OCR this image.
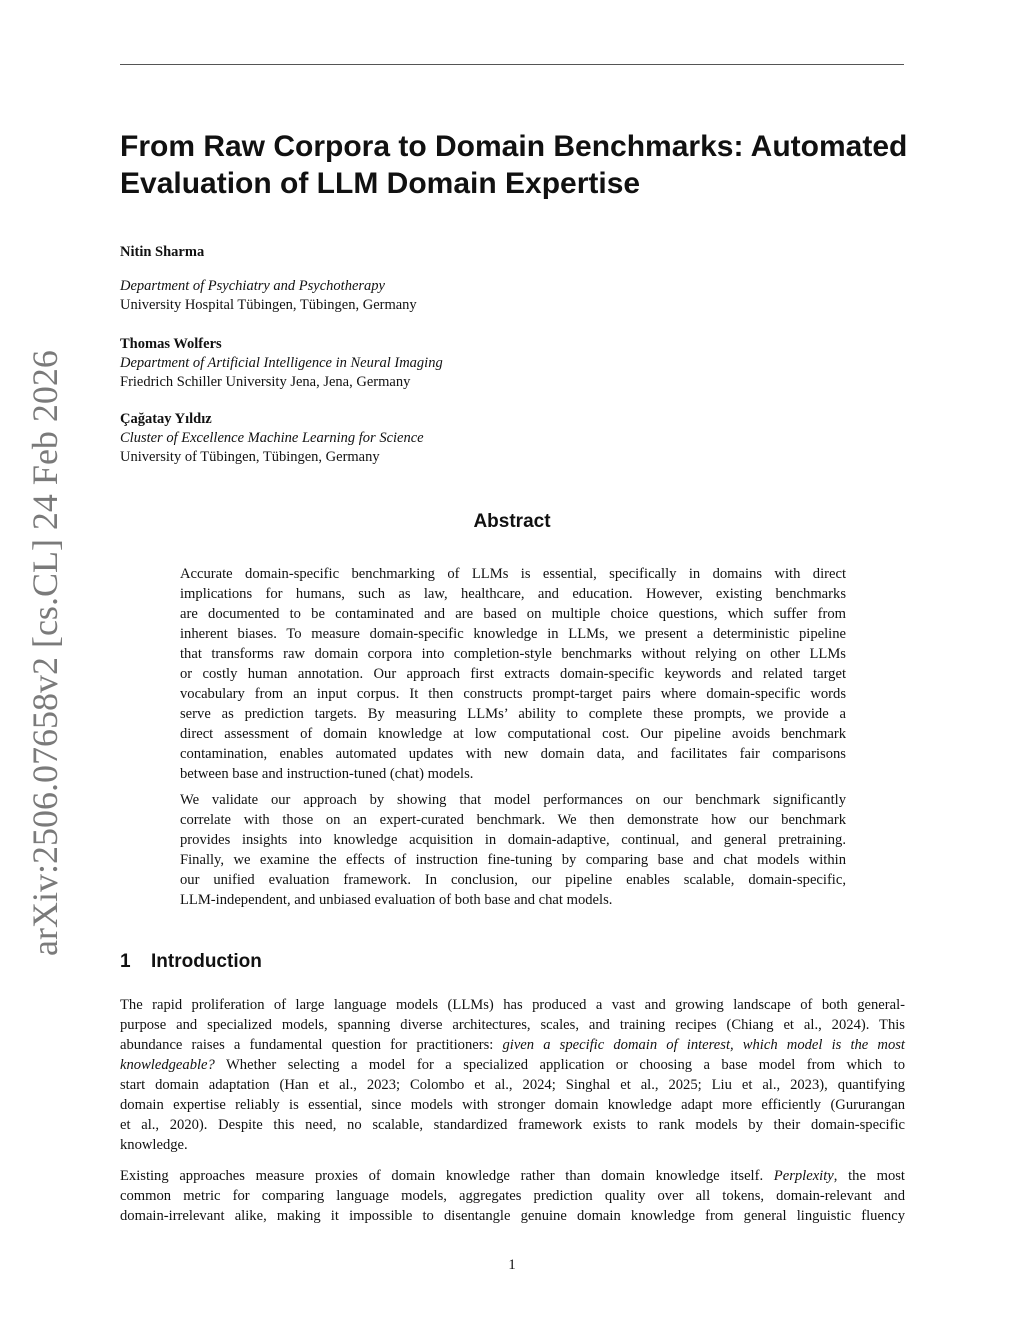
From Raw Corpora to Domain Benchmarks: Automated
Evaluation of LLM Domain Expertise
Nitin Sharma
Department of Psychiatry and Psychotherapy
University Hospital Tübingen, Tübingen, Germany
Thomas Wolfers
Department of Artificial Intelligence in Neural Imaging
Friedrich Schiller University Jena, Jena, Germany
Çağatay Yıldız
Cluster of Excellence Machine Learning for Science
University of Tübingen, Tübingen, Germany
arXiv:2506.07658v2 [cs.CL] 24 Feb 2026	Abstract

Accurate domain-specific benchmarking of LLMs is essential, specifically in domains with direct
implications for humans, such as law, healthcare, and education. However, existing benchmarks
are documented to be contaminated and are based on multiple choice questions, which suffer from
inherent biases. To measure domain-specific knowledge in LLMs, we present a deterministic pipeline
that transforms raw domain corpora into completion-style benchmarks without relying on other LLMs
or costly human annotation. Our approach first extracts domain-specific keywords and related target
vocabulary from an input corpus. It then constructs prompt-target pairs where domain-specific words
serve as prediction targets. By measuring LLMs’ ability to complete these prompts, we provide a
direct assessment of domain knowledge at low computational cost. Our pipeline avoids benchmark
contamination, enables automated updates with new domain data, and facilitates fair comparisons
between base and instruction-tuned (chat) models.

We validate our approach by showing that model performances on our benchmark significantly
correlate with those on an expert-curated benchmark. We then demonstrate how our benchmark
provides insights into knowledge acquisition in domain-adaptive, continual, and general pretraining.
Finally, we examine the effects of instruction fine-tuning by comparing base and chat models within
our unified evaluation framework. In conclusion, our pipeline enables scalable, domain-specific,
LLM-independent, and unbiased evaluation of both base and chat models.

1 Introduction

The rapid proliferation of large language models (LLMs) has produced a vast and growing landscape of both general-
purpose and specialized models, spanning diverse architectures, scales, and training recipes (Chiang et al., 2024). This
abundance raises a fundamental question for practitioners: given a specific domain of interest, which model is the most
knowledgeable? Whether selecting a model for a specialized application or choosing a base model from which to
start domain adaptation (Han et al., 2023; Colombo et al., 2024; Singhal et al., 2025; Liu et al., 2023), quantifying
domain expertise reliably is essential, since models with stronger domain knowledge adapt more efficiently (Gururangan
et al., 2020). Despite this need, no scalable, standardized framework exists to rank models by their domain-specific
knowledge.

Existing approaches measure proxies of domain knowledge rather than domain knowledge itself. Perplexity, the most
common metric for comparing language models, aggregates prediction quality over all tokens, domain-relevant and
domain-irrelevant alike, making it impossible to disentangle genuine domain knowledge from general linguistic fluency

1
